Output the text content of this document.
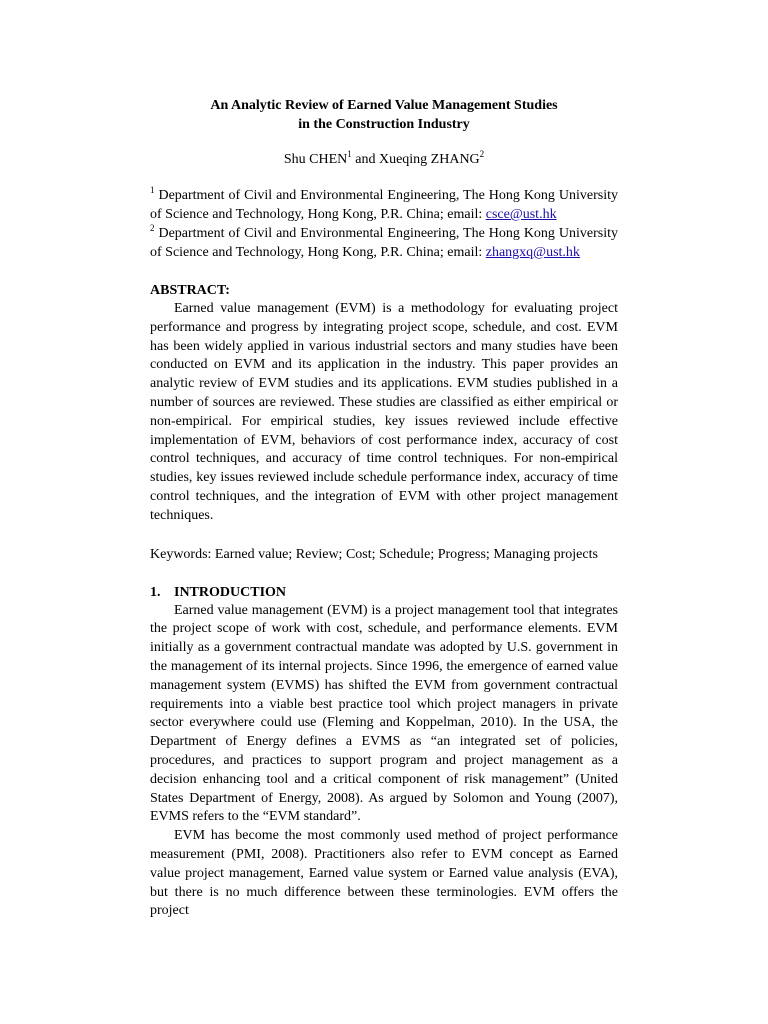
An Analytic Review of Earned Value Management Studies
in the Construction Industry

Shu CHEN$^1$ and Xueqing ZHANG$^2$

$^1$ Department of Civil and Environmental Engineering, The Hong Kong University of Science and Technology, Hong Kong, P.R. China; email: csce@ust.hk

$^2$ Department of Civil and Environmental Engineering, The Hong Kong University of Science and Technology, Hong Kong, P.R. China; email: zhangxq@ust.hk

ABSTRACT:

Earned value management (EVM) is a methodology for evaluating project performance and progress by integrating project scope, schedule, and cost. EVM has been widely applied in various industrial sectors and many studies have been conducted on EVM and its application in the industry. This paper provides an analytic review of EVM studies and its applications. EVM studies published in a number of sources are reviewed. These studies are classified as either empirical or non-empirical. For empirical studies, key issues reviewed include effective implementation of EVM, behaviors of cost performance index, accuracy of cost control techniques, and accuracy of time control techniques. For non-empirical studies, key issues reviewed include schedule performance index, accuracy of time control techniques, and the integration of EVM with other project management techniques.

Keywords: Earned value; Review; Cost; Schedule; Progress; Managing projects

1. INTRODUCTION

Earned value management (EVM) is a project management tool that integrates the project scope of work with cost, schedule, and performance elements. EVM initially as a government contractual mandate was adopted by U.S. government in the management of its internal projects. Since 1996, the emergence of earned value management system (EVMS) has shifted the EVM from government contractual requirements into a viable best practice tool which project managers in private sector everywhere could use (Fleming and Koppelman, 2010). In the USA, the Department of Energy defines a EVMS as “an integrated set of policies, procedures, and practices to support program and project management as a decision enhancing tool and a critical component of risk management” (United States Department of Energy, 2008). As argued by Solomon and Young (2007), EVMS refers to the “EVM standard”.

EVM has become the most commonly used method of project performance measurement (PMI, 2008). Practitioners also refer to EVM concept as Earned value project management, Earned value system or Earned value analysis (EVA), but there is no much difference between these terminologies. EVM offers the project
